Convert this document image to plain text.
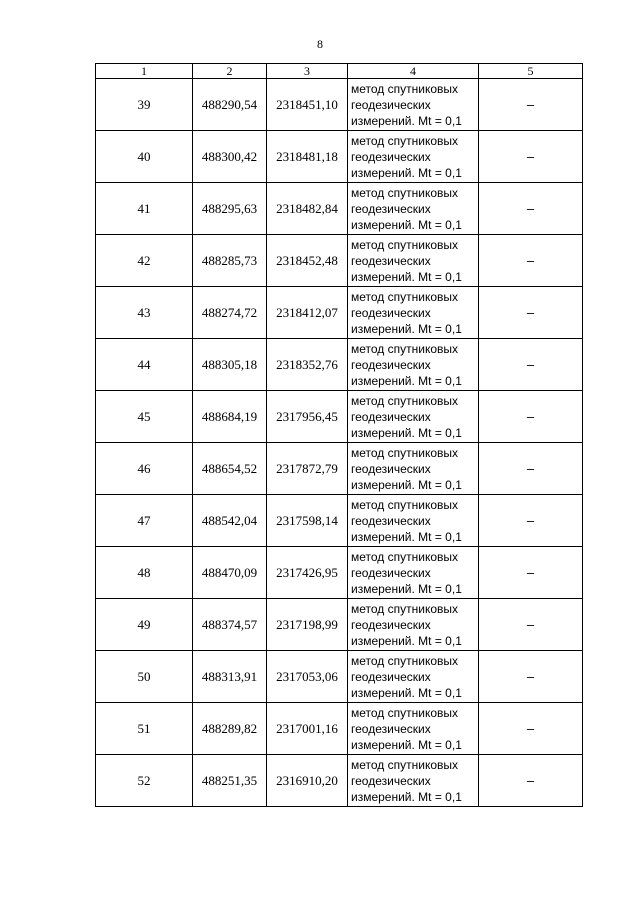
8
1	2	3	4	5
39	488290,54	2318451,10	метод спутниковых
геодезических
измерений. Mt = 0,1	–
40	488300,42	2318481,18	метод спутниковых
геодезических
измерений. Mt = 0,1	–
41	488295,63	2318482,84	метод спутниковых
геодезических
измерений. Mt = 0,1	–
42	488285,73	2318452,48	метод спутниковых
геодезических
измерений. Mt = 0,1	–
43	488274,72	2318412,07	метод спутниковых
геодезических
измерений. Mt = 0,1	–
44	488305,18	2318352,76	метод спутниковых
геодезических
измерений. Mt = 0,1	–
45	488684,19	2317956,45	метод спутниковых
геодезических
измерений. Mt = 0,1	–
46	488654,52	2317872,79	метод спутниковых
геодезических
измерений. Mt = 0,1	–
47	488542,04	2317598,14	метод спутниковых
геодезических
измерений. Mt = 0,1	–
48	488470,09	2317426,95	метод спутниковых
геодезических
измерений. Mt = 0,1	–
49	488374,57	2317198,99	метод спутниковых
геодезических
измерений. Mt = 0,1	–
50	488313,91	2317053,06	метод спутниковых
геодезических
измерений. Mt = 0,1	–
51	488289,82	2317001,16	метод спутниковых
геодезических
измерений. Mt = 0,1	–
52	488251,35	2316910,20	метод спутниковых
геодезических
измерений. Mt = 0,1	–
